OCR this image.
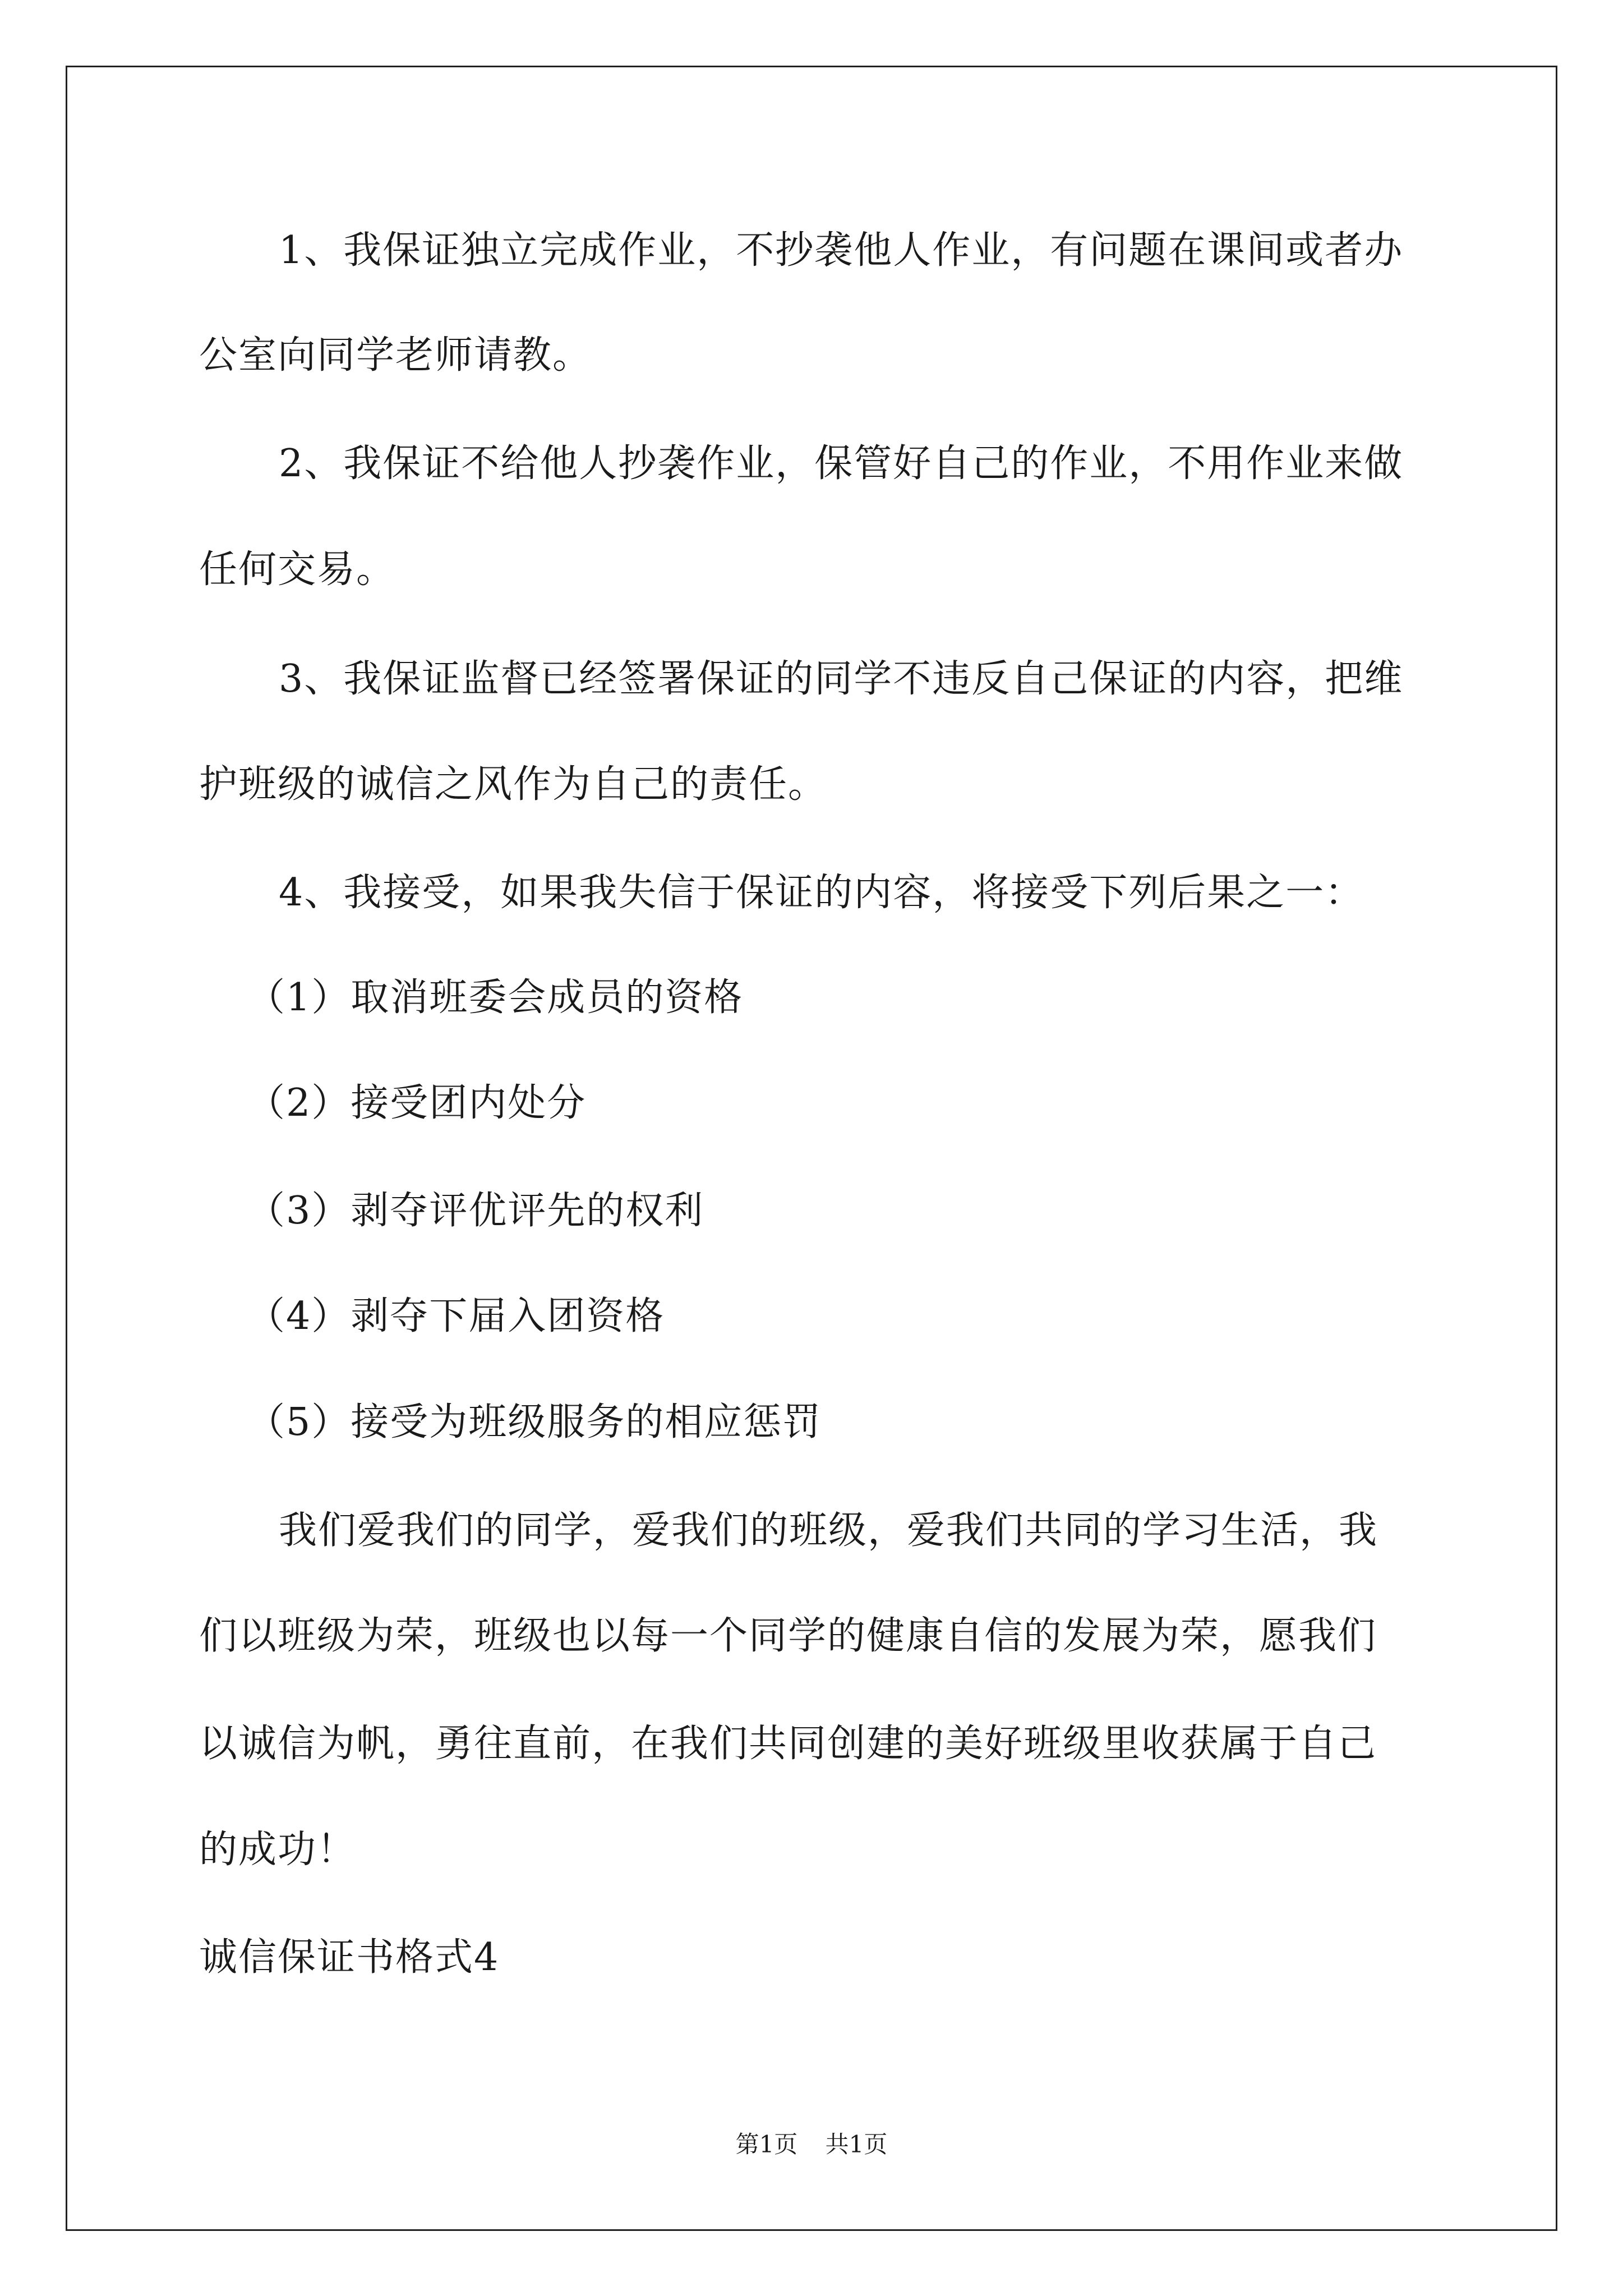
1、我保证独立完成作业，不抄袭他人作业，有问题在课间或者办
公室向同学老师请教。
2、我保证不给他人抄袭作业，保管好自己的作业，不用作业来做
任何交易。
3、我保证监督已经签署保证的同学不违反自己保证的内容，把维
护班级的诚信之风作为自己的责任。
4、我接受，如果我失信于保证的内容，将接受下列后果之一：
（1）取消班委会成员的资格
（2）接受团内处分
（3）剥夺评优评先的权利
（4）剥夺下届入团资格
（5）接受为班级服务的相应惩罚
我们爱我们的同学，爱我们的班级，爱我们共同的学习生活，我
们以班级为荣，班级也以每一个同学的健康自信的发展为荣，愿我们
以诚信为帆，勇往直前，在我们共同创建的美好班级里收获属于自己
的成功！
诚信保证书格式4
第1页 共1页
